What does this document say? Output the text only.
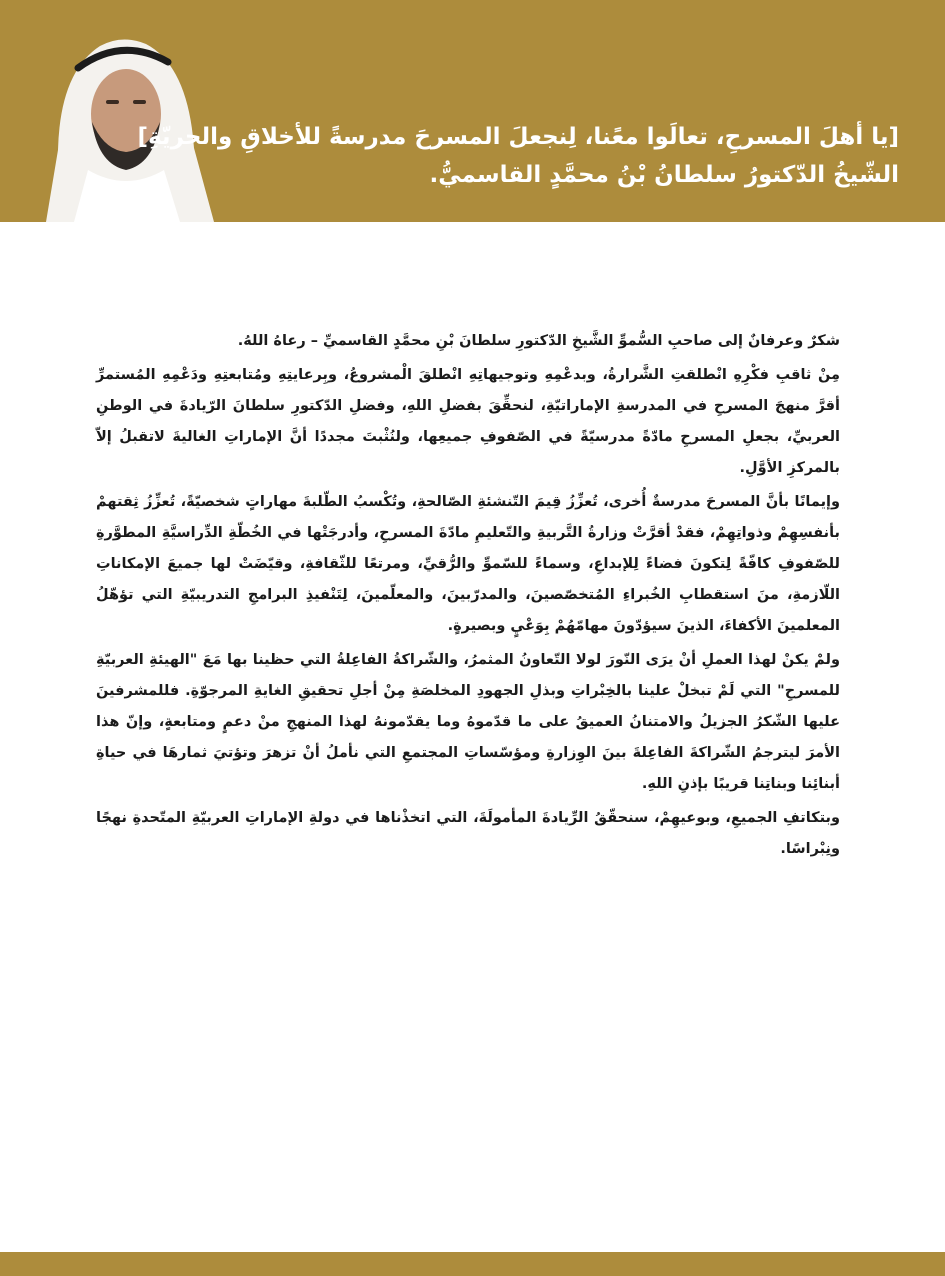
[يا أهلَ المسرحِ، تعالَوا معًنا، لِنجعلَ المسرحَ مدرسةً للأخلاقِ والحريّةِ]
الشّيخُ الدّكتورُ سلطانُ بْنُ محمَّدٍ القاسميُّ.

شكرٌ وعرفانٌ إلى صاحبِ السُّموِّ الشَّيخِ الدّكتورِ سلطانَ بْنِ محمَّدٍ القاسميِّ – رعاهُ اللهُ.

مِنْ ثاقبِ فكْرِهِ انْطلقتِ الشَّرارةُ، وبدعْمِهِ وتوجيهاتِهِ انْطلقَ الْمشروعُ، وبِرعايتِهِ ومُتابعتِهِ ودَعْمِهِ المُستمرِّ أقرَّ منهجَ المسرحِ في المدرسةِ الإماراتيّةِ، لنحقِّقَ بفضلِ اللهِ، وفضلِ الدّكتورِ سلطانَ الرّيادةَ في الوطنِ العربيِّ، بجعلِ المسرحِ مادّةً مدرسيّةً في الصّفوفِ جميعِها، ولنُثْبتَ مجددًا أنَّ الإماراتِ الغاليةَ لاتقبلُ إلاّ بالمركزِ الأوَّلِ.

وإيمانًا بأنَّ المسرحَ مدرسةٌ أُخرى، تُعزِّزُ قِيمَ التّنشئةِ الصّالحةِ، وتُكْسبُ الطّلبةَ مهاراتٍ شخصيّةً، تُعزِّزُ ثِقتهمْ بأنفسِهِمْ وذواتِهِمْ، فقدْ أقرَّتْ وزارةُ التَّربيةِ والتّعليمِ مادّةَ المسرحِ، وأدرجَتْها في الخُطّةِ الدِّراسيَّةِ المطوَّرةِ للصّفوفِ كافّةً لِتكونَ فضاءً لِلإبداعِ، وسماءً للسّموِّ والرُّقيِّ، ومرتعًا للثّقافةِ، وقيّضَتْ لها جميعَ الإمكاناتِ اللّازمةِ، منَ استقطابِ الخُبراءِ المُتخصّصينَ، والمدرّبينَ، والمعلّمينَ، لِتَنْفيذِ البرامجِ التدريبيّةِ التي تؤهّلُ المعلمينَ الأكفاءَ، الذينَ سيؤدّونَ مهامّهُمْ بِوَعْيٍ وبصيرةٍ.

ولمْ يكنْ لهذا العملِ أنْ يرَى النّورَ لولا التّعاونُ المثمرُ، والشّراكةُ الفاعِلةُ التي حظينا بها مَعَ "الهيئةِ العربيّةِ للمسرحِ" التي لَمْ تبخلْ علينا بالخِبْراتِ وبذلِ الجهودِ المخلصَةِ مِنْ أجلِ تحقيقِ الغايةِ المرجوّةِ. فللمشرفينَ عليها الشّكرُ الجزيلُ والامتنانُ العميقُ على ما قدّموهُ وما يقدّمونهُ لهذا المنهجِ منْ دعمٍ ومتابعةٍ، وإنّ هذا الأمرَ ليترجمُ الشّراكةَ الفاعِلةَ بينَ الوِزارةِ ومؤسّساتِ المجتمعِ التي نأملُ أنْ تزهرَ وتؤتيَ ثمارهَا في حياةِ أبنائِنا وبناتِنا قريبًا بإذنِ اللهِ.

وبتكاتفِ الجميعِ، وبوعيهِمْ، سنحقّقُ الرِّيادةَ المأمولَةَ، التي اتخذْناها في دولةِ الإماراتِ العربيّةِ المتّحدةِ نهجًا ونِبْراسًا.
